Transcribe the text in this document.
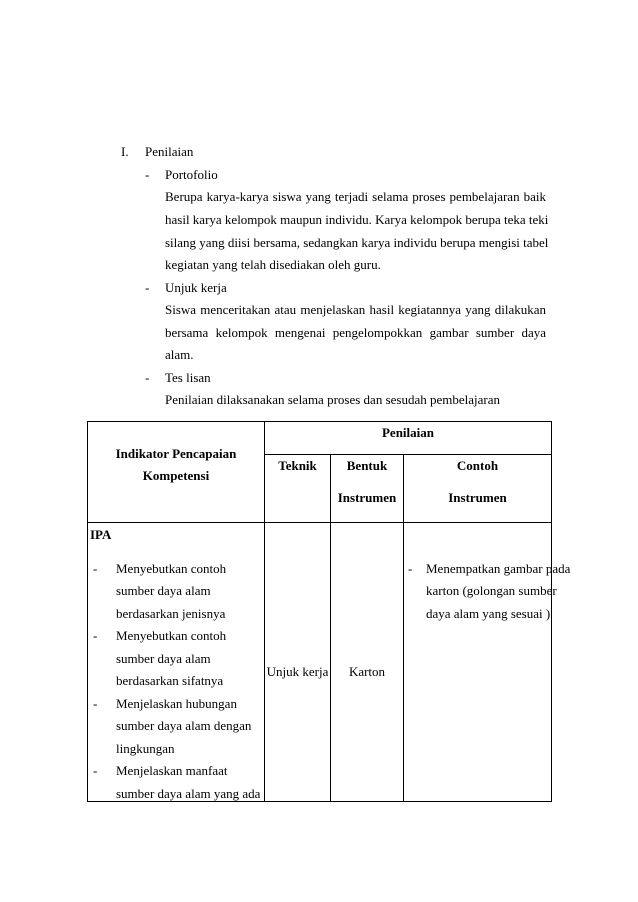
I. Penilaian
- Portofolio
Berupa karya-karya siswa yang terjadi selama proses pembelajaran baik
hasil karya kelompok maupun individu. Karya kelompok berupa teka teki
silang yang diisi bersama, sedangkan karya individu berupa mengisi tabel
kegiatan yang telah disediakan oleh guru.
- Unjuk kerja
Siswa menceritakan atau menjelaskan hasil kegiatannya yang dilakukan
bersama kelompok mengenai pengelompokkan gambar sumber daya
alam.
- Tes lisan
Penilaian dilaksanakan selama proses dan sesudah pembelajaran
Indikator Pencapaian
Kompetensi
Penilaian
Teknik	Bentuk
Instrumen
Contoh
Instrumen
IPA
- Menyebutkan contoh
sumber daya alam
berdasarkan jenisnya
- Menyebutkan contoh
sumber daya alam
berdasarkan sifatnya
- Menjelaskan hubungan
sumber daya alam dengan
lingkungan
- Menjelaskan manfaat
sumber daya alam yang ada
Unjuk kerja	Karton
- Menempatkan gambar pada
karton (golongan sumber
daya alam yang sesuai )
